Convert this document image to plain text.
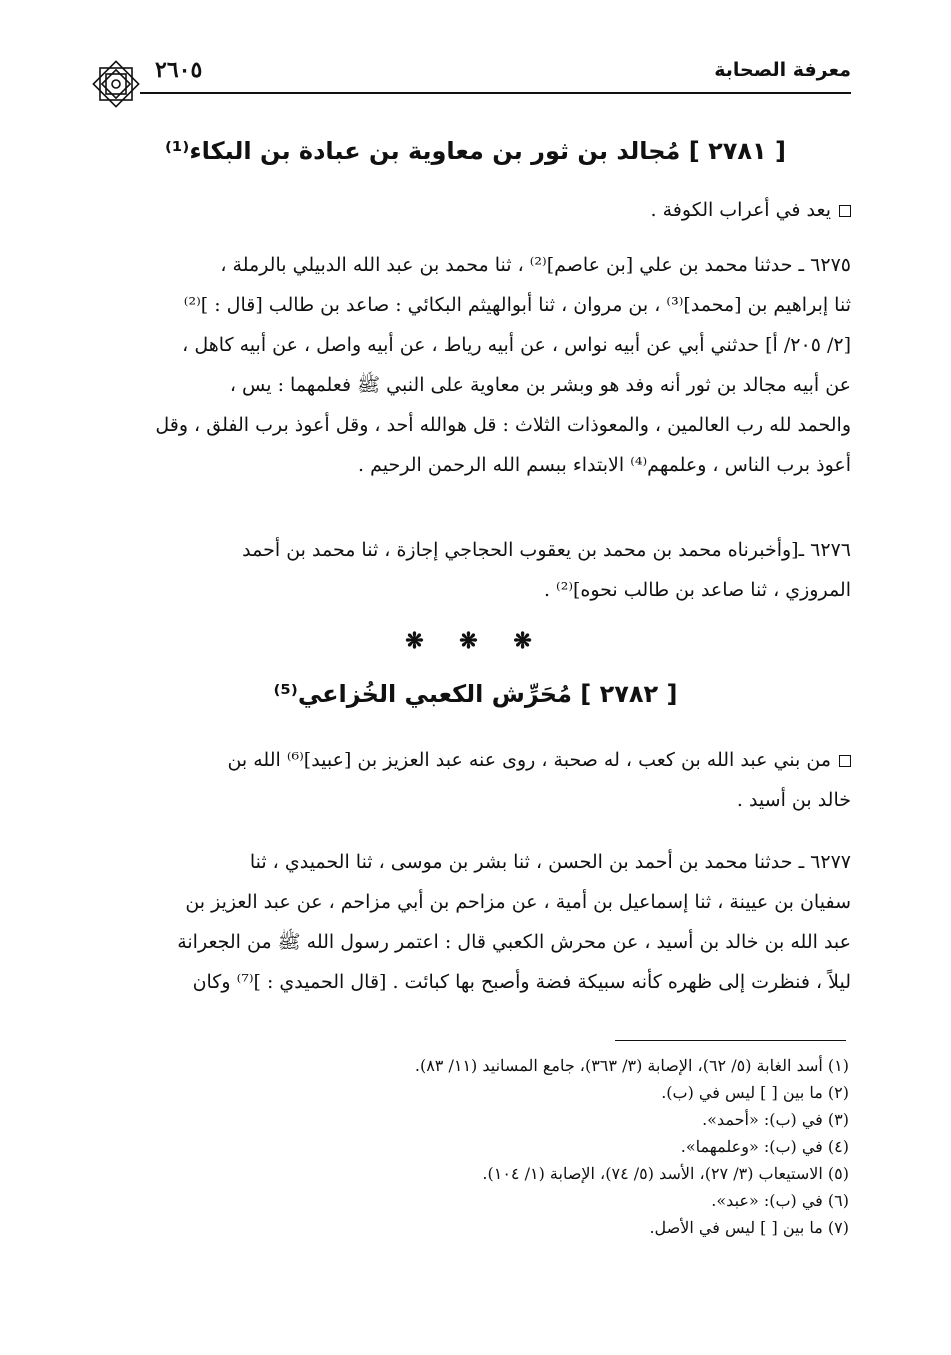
معرفة الصحابة
٢٦٠٥
[ ٢٧٨١ ] مُجالد بن ثور بن معاوية بن عبادة بن البكاء⁽¹⁾
يعد في أعراب الكوفة .
٦٢٧٥ ـ حدثنا محمد بن علي [بن عاصم]⁽²⁾ ، ثنا محمد بن عبد الله الدبيلي بالرملة ،
ثنا إبراهيم بن [محمد]⁽³⁾ ، بن مروان ، ثنا أبوالهيثم البكائي : صاعد بن طالب [قال : ]⁽²⁾
[٢/ ٢٠٥/ أ] حدثني أبي عن أبيه نواس ، عن أبيه رياط ، عن أبيه واصل ، عن أبيه كاهل ،
عن أبيه مجالد بن ثور أنه وفد هو وبشر بن معاوية على النبي ﷺ فعلمهما : يس ،
والحمد لله رب العالمين ، والمعوذات الثلاث : قل هوالله أحد ، وقل أعوذ برب الفلق ، وقل
أعوذ برب الناس ، وعلمهم⁽⁴⁾ الابتداء ببسم الله الرحمن الرحيم .
٦٢٧٦ ـ[وأخبرناه محمد بن محمد بن يعقوب الحجاجي إجازة ، ثنا محمد بن أحمد
المروزي ، ثنا صاعد بن طالب نحوه]⁽²⁾ .
❋ ❋ ❋
[ ٢٧٨٢ ] مُحَرِّش الكعبي الخُزاعي⁽⁵⁾
من بني عبد الله بن كعب ، له صحبة ، روى عنه عبد العزيز بن [عبيد]⁽⁶⁾ الله بن
خالد بن أسيد .
٦٢٧٧ ـ حدثنا محمد بن أحمد بن الحسن ، ثنا بشر بن موسى ، ثنا الحميدي ، ثنا
سفيان بن عيينة ، ثنا إسماعيل بن أمية ، عن مزاحم بن أبي مزاحم ، عن عبد العزيز بن
عبد الله بن خالد بن أسيد ، عن محرش الكعبي قال : اعتمر رسول الله ﷺ من الجعرانة
ليلاً ، فنظرت إلى ظهره كأنه سبيكة فضة وأصبح بها كبائت . [قال الحميدي : ]⁽⁷⁾ وكان
(١) أسد الغابة (٥/ ٦٢)، الإصابة (٣/ ٣٦٣)، جامع المسانيد (١١/ ٨٣).
(٢) ما بين [ ] ليس في (ب).
(٣) في (ب): «أحمد».
(٤) في (ب): «وعلمهما».
(٥) الاستيعاب (٣/ ٢٧)، الأسد (٥/ ٧٤)، الإصابة (١/ ١٠٤).
(٦) في (ب): «عبد».
(٧) ما بين [ ] ليس في الأصل.
